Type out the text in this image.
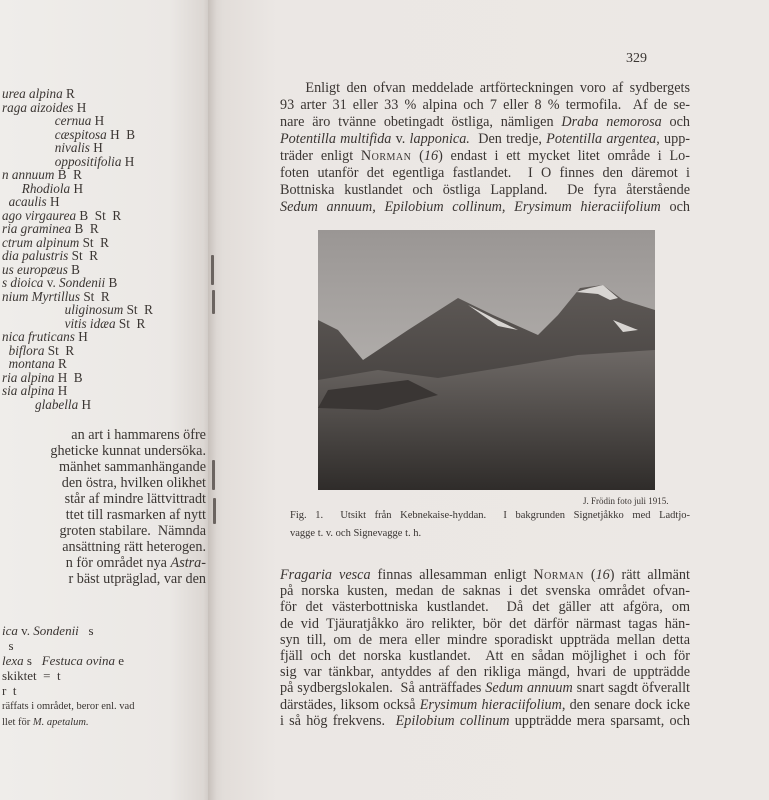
urea alpina R
raga aizoides H
cernua H
cæspitosa H  B
nivalis H
oppositifolia H
n annuum B  R
Rhodiola H
acaulis H
ago virgaurea B  St  R
ria graminea B  R
ctrum alpinum St  R
dia palustris St  R
us europæus B
s dioica v. Sondenii B
nium Myrtillus St  R
uliginosum St  R
vitis idæa St  R
nica fruticans H
biflora St  R
montana R
ria alpina H  B
sia alpina H
glabella H
an art i hammarens öfre
gheticke kunnat undersöka.
mänhet sammanhängande
den östra, hvilken olikhet
står af mindre lättvittradt
ttet till rasmarken af nytt
groten stabilare.  Nämnda
ansättning rätt heterogen.
n för området nya Astra-
r bäst utpräglad, var den
ica v. Sondenii   s
s
lexa s   Festuca ovina e
skiktet  =  t
r  t
räffats i området, beror enl. vad
llet för M. apetalum.
329
Enligt den ofvan meddelade artförteckningen voro af sydbergets
93 arter 31 eller 33 % alpina och 7 eller 8 % termofila.  Af de se-
nare äro tvänne obetingadt östliga, nämligen Draba nemorosa och
Potentilla multifida v. lapponica.  Den tredje, Potentilla argentea, upp-
träder enligt Norman (16) endast i ett mycket litet område i Lo-
foten utanför det egentliga fastlandet.  I O finnes den däremot i
Bottniska kustlandet och östliga Lappland.  De fyra återstående
Sedum annuum, Epilobium collinum, Erysimum hieraciifolium och
J. Frödin foto juli 1915.
Fig. 1.  Utsikt från Kebnekaise-hyddan.  I bakgrunden Signetjåkko med Ladtjo-
vagge t. v. och Signevagge t. h.
Fragaria vesca finnas allesamman enligt Norman (16) rätt allmänt
på norska kusten, medan de saknas i det svenska området ofvan-
för det västerbottniska kustlandet.  Då det gäller att afgöra, om
de vid Tjäuratjåkko äro relikter, bör det därför närmast tagas hän-
syn till, om de mera eller mindre sporadiskt uppträda mellan detta
fjäll och det norska kustlandet.  Att en sådan möjlighet i och för
sig var tänkbar, antyddes af den rikliga mängd, hvari de uppträdde
på sydbergslokalen.  Så anträffades Sedum annuum snart sagdt öfverallt
därstädes, liksom också Erysimum hieraciifolium, den senare dock icke
i så hög frekvens.  Epilobium collinum uppträdde mera sparsamt, och
